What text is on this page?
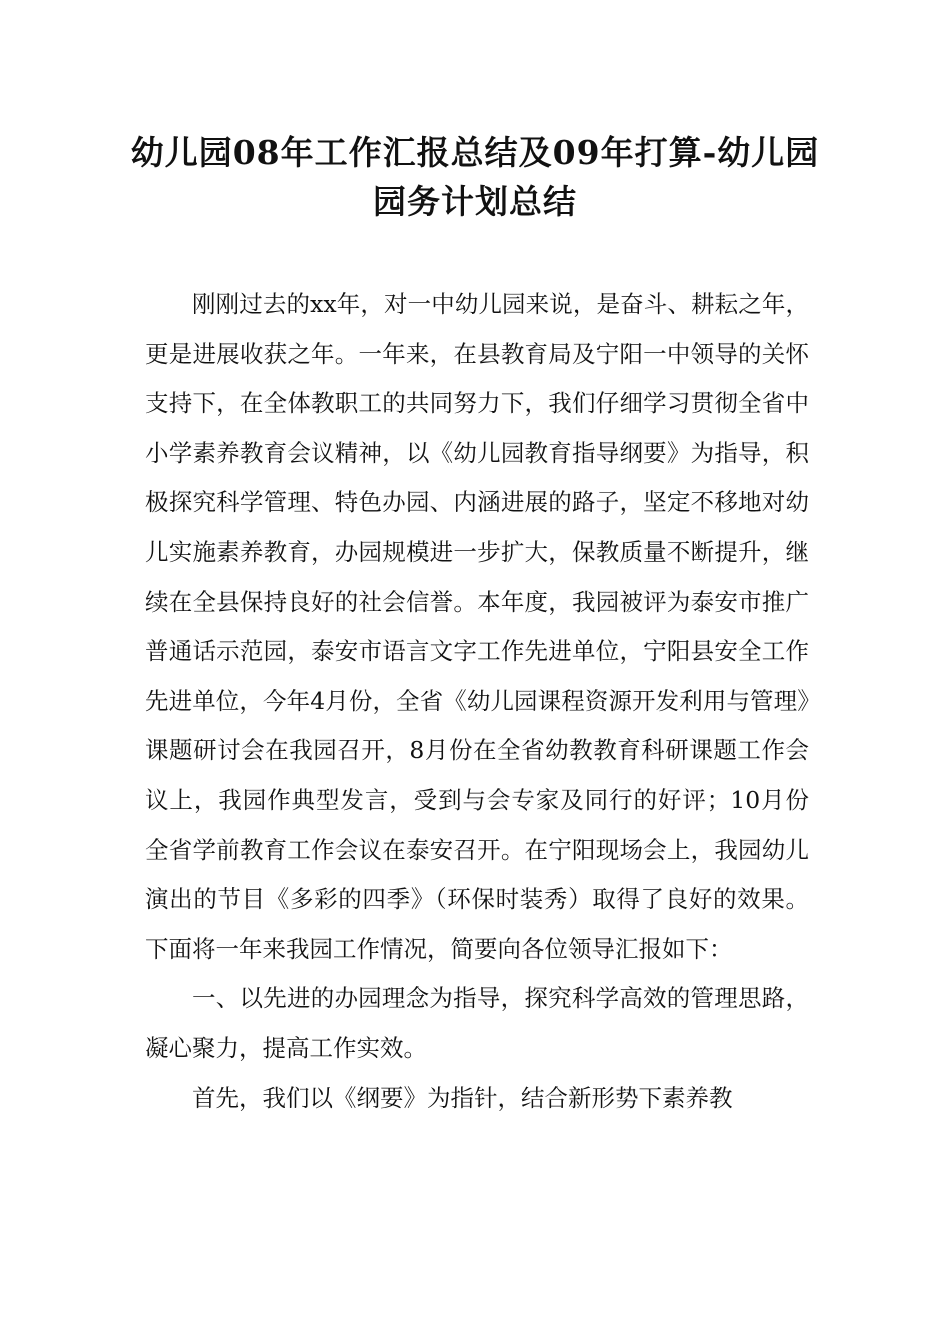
幼儿园08年工作汇报总结及09年打算-幼儿园园务计划总结

刚刚过去的xx年，对一中幼儿园来说，是奋斗、耕耘之年，更是进展收获之年。一年来，在县教育局及宁阳一中领导的关怀支持下，在全体教职工的共同努力下，我们仔细学习贯彻全省中小学素养教育会议精神，以《幼儿园教育指导纲要》为指导，积极探究科学管理、特色办园、内涵进展的路子，坚定不移地对幼儿实施素养教育，办园规模进一步扩大，保教质量不断提升，继续在全县保持良好的社会信誉。本年度，我园被评为泰安市推广普通话示范园，泰安市语言文字工作先进单位，宁阳县安全工作先进单位，今年4月份，全省《幼儿园课程资源开发利用与管理》课题研讨会在我园召开，8月份在全省幼教教育科研课题工作会议上，我园作典型发言，受到与会专家及同行的好评；10月份全省学前教育工作会议在泰安召开。在宁阳现场会上，我园幼儿演出的节目《多彩的四季》（环保时装秀）取得了良好的效果。下面将一年来我园工作情况，简要向各位领导汇报如下：

一、以先进的办园理念为指导，探究科学高效的管理思路，凝心聚力，提高工作实效。

首先，我们以《纲要》为指针，结合新形势下素养教
